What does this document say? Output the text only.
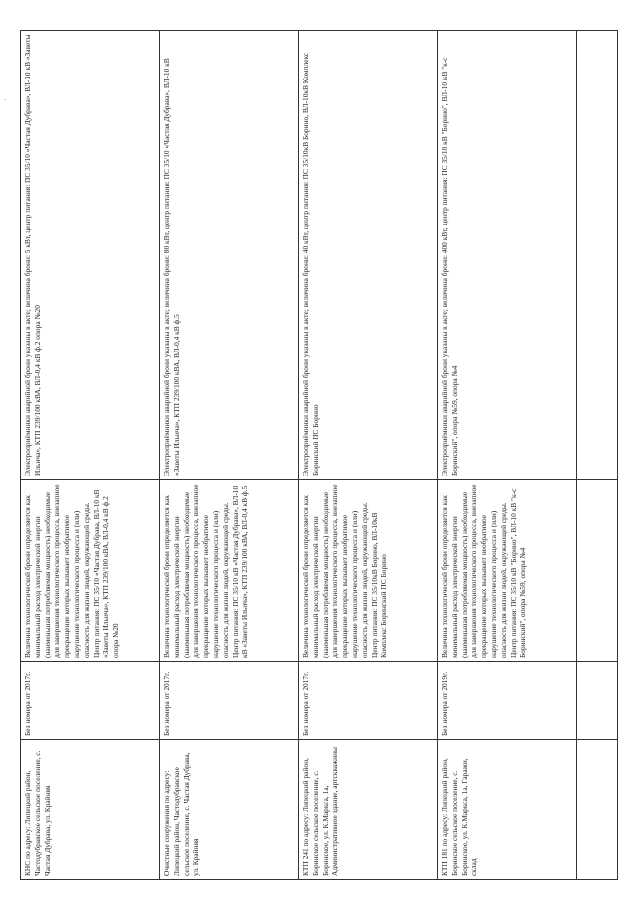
·
КНС по адресу: Липецкий район, Частодубравское сельское поселение, с. Частая Дубрава, ул. Крайняя	Без номера от 2017г.	Величина технологической брони определяется как минимальный расход электрической энергии (наименьшая потребляемая мощность) необходимые для завершения технологического процесса, внезапное прекращение которых вызывает необратимое нарушение технологического процесса и (или) опасность для жизни людей, окружающей среды. Центр питания: ПС 35/10 «Частая Дубрава, ВЛ-10 кВ «Заветы Ильича», КТП 239/100 кВА, ВЛ-0,4 кВ ф.2 опора №20	Электроприёмники аварийной брони указаны в акте; величина брони: 5 кВт, центр питания: ПС 35/10 «Частая Дубрава», ВЛ-10 кВ «Заветы Ильича», КТП 239/100 кВА, ВЛ-0,4 кВ ф.2 опора №20
Очистные сооружения по адресу: Липецкий район, Частодубравское сельское поселение, с. Частая Дубрава, ул. Крайняя	Без номера от 2017г.	Величина технологической брони определяется как минимальный расход электрической энергии (наименьшая потребляемая мощность) необходимые для завершения технологического процесса, внезапное прекращение которых вызывает необратимое нарушение технологического процесса и (или) опасность для жизни людей, окружающей среды. Центр питания: ПС 35/10 кВ «Частая Дубрава», ВЛ-10 кВ «Заветы Ильича», КТП 239/100 кВА, ВЛ-0,4 кВ ф.5	Электроприёмники аварийной брони указаны в акте; величина брони: 80 кВт, центр питания: ПС 35/10 «Частая Дубрава», ВЛ-10 кВ «Заветы Ильича», КТП 239/100 кВА, ВЛ-0,4 кВ ф.5
КТП 241 по адресу: Липецкий район, Боринское сельское поселение, с. Боринское, ул. К.Маркса, 1а, Административное здание, артскважины	Без номера от 2017г.	Величина технологической брони определяется как минимальный расход электрической энергии (наименьшая потребляемая мощность) необходимые для завершения технологического процесса, внезапное прекращение которых вызывает необратимое нарушение технологического процесса и (или) опасность для жизни людей, окружающей среды. Центр питания: ПС 35/10кВ Борино, ВЛ-10кВ Комплекс Боринский ПС Борино	Электроприёмники аварийной брони указаны в акте; величина брони: 40 кВт, центр питания: ПС 35/10кВ Борино, ВЛ-10кВ Комплекс Боринский ПС Борино
КТП 181 по адресу: Липецкий район, Боринское сельское поселение, с. Боринское, ул. К.Маркса, 1а, Гаражи, склад	Без номера от 2019г.	Величина технологической брони определяется как минимальный расход электрической энергии (наименьшая потребляемая мощность) необходимые для завершения технологического процесса, внезапное прекращение которых вызывает необратимое нарушение технологического процесса и (или) опасность для жизни людей, окружающей среды. Центр питания: ПС 35/10 кВ "Борино", ВЛ-10 кВ "к-с Боринский", опора №59, опора №4	Электроприёмники аварийной брони указаны в акте; величина брони: 400 кВт, центр питания: ПС 35/10 кВ "Борино", ВЛ-10 кВ "к-с Боринский", опора №59, опора №4
